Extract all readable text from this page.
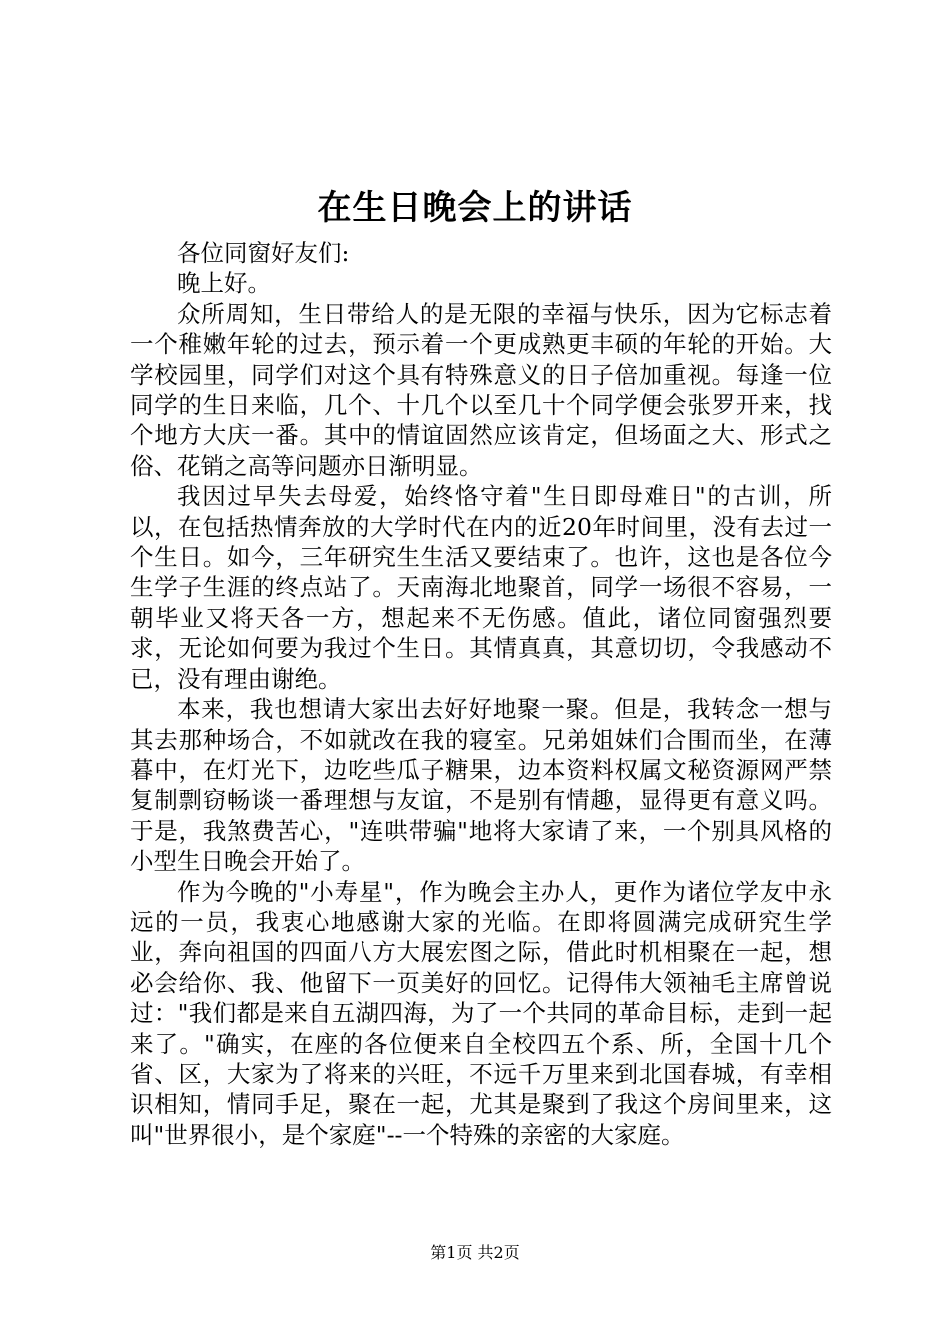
在生日晚会上的讲话

各位同窗好友们:

晚上好。

众所周知，生日带给人的是无限的幸福与快乐，因为它标志着一个稚嫩年轮的过去，预示着一个更成熟更丰硕的年轮的开始。大学校园里，同学们对这个具有特殊意义的日子倍加重视。每逢一位同学的生日来临，几个、十几个以至几十个同学便会张罗开来，找个地方大庆一番。其中的情谊固然应该肯定，但场面之大、形式之俗、花销之高等问题亦日渐明显。

我因过早失去母爱，始终恪守着"生日即母难日"的古训，所以，在包括热情奔放的大学时代在内的近20年时间里，没有去过一个生日。如今，三年研究生生活又要结束了。也许，这也是各位今生学子生涯的终点站了。天南海北地聚首，同学一场很不容易，一朝毕业又将天各一方，想起来不无伤感。值此，诸位同窗强烈要求，无论如何要为我过个生日。其情真真，其意切切，令我感动不已，没有理由谢绝。

本来，我也想请大家出去好好地聚一聚。但是，我转念一想与其去那种场合，不如就改在我的寝室。兄弟姐妹们合围而坐，在薄暮中，在灯光下，边吃些瓜子糖果，边本资料权属文秘资源网严禁复制剽窃畅谈一番理想与友谊，不是别有情趣，显得更有意义吗。于是，我煞费苦心，"连哄带骗"地将大家请了来，一个别具风格的小型生日晚会开始了。

作为今晚的"小寿星"，作为晚会主办人，更作为诸位学友中永远的一员，我衷心地感谢大家的光临。在即将圆满完成研究生学业，奔向祖国的四面八方大展宏图之际，借此时机相聚在一起，想必会给你、我、他留下一页美好的回忆。记得伟大领袖毛主席曾说过："我们都是来自五湖四海，为了一个共同的革命目标，走到一起来了。"确实，在座的各位便来自全校四五个系、所，全国十几个省、区，大家为了将来的兴旺，不远千万里来到北国春城，有幸相识相知，情同手足，聚在一起，尤其是聚到了我这个房间里来，这叫"世界很小，是个家庭"--一个特殊的亲密的大家庭。

第1页 共2页
